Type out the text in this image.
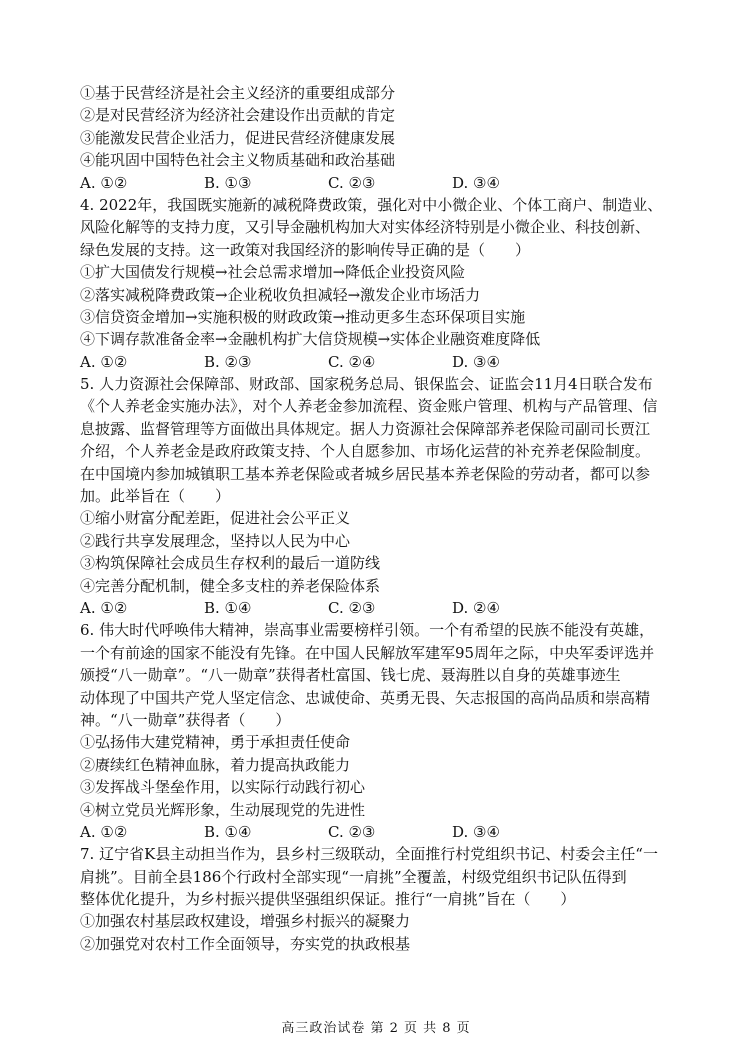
①基于民营经济是社会主义经济的重要组成部分
②是对民营经济为经济社会建设作出贡献的肯定
③能激发民营企业活力，促进民营经济健康发展
④能巩固中国特色社会主义物质基础和政治基础
A. ①②	B. ①③	C. ②③	D. ③④
4. 2022年，我国既实施新的减税降费政策，强化对中小微企业、个体工商户、制造业、
风险化解等的支持力度，又引导金融机构加大对实体经济特别是小微企业、科技创新、
绿色发展的支持。这一政策对我国经济的影响传导正确的是（　　）
①扩大国债发行规模→社会总需求增加→降低企业投资风险
②落实减税降费政策→企业税收负担减轻→激发企业市场活力
③信贷资金增加→实施积极的财政政策→推动更多生态环保项目实施
④下调存款准备金率→金融机构扩大信贷规模→实体企业融资难度降低
A. ①②	B. ②③	C. ②④	D. ③④
5. 人力资源社会保障部、财政部、国家税务总局、银保监会、证监会11月4日联合发布
《个人养老金实施办法》，对个人养老金参加流程、资金账户管理、机构与产品管理、信
息披露、监督管理等方面做出具体规定。据人力资源社会保障部养老保险司副司长贾江
介绍，个人养老金是政府政策支持、个人自愿参加、市场化运营的补充养老保险制度。
在中国境内参加城镇职工基本养老保险或者城乡居民基本养老保险的劳动者，都可以参
加。此举旨在（　　）
①缩小财富分配差距，促进社会公平正义
②践行共享发展理念，坚持以人民为中心
③构筑保障社会成员生存权利的最后一道防线
④完善分配机制，健全多支柱的养老保险体系
A. ①②	B. ①④	C. ②③	D. ②④
6. 伟大时代呼唤伟大精神，崇高事业需要榜样引领。一个有希望的民族不能没有英雄，
一个有前途的国家不能没有先锋。在中国人民解放军建军95周年之际，中央军委评选并
颁授“八一勋章”。“八一勋章”获得者杜富国、钱七虎、聂海胜以自身的英雄事迹生
动体现了中国共产党人坚定信念、忠诚使命、英勇无畏、矢志报国的高尚品质和崇高精
神。“八一勋章”获得者（　　）
①弘扬伟大建党精神，勇于承担责任使命
②赓续红色精神血脉，着力提高执政能力
③发挥战斗堡垒作用，以实际行动践行初心
④树立党员光辉形象，生动展现党的先进性
A. ①②	B. ①④	C. ②③	D. ③④
7. 辽宁省K县主动担当作为，县乡村三级联动，全面推行村党组织书记、村委会主任“一
肩挑”。目前全县186个行政村全部实现“一肩挑”全覆盖，村级党组织书记队伍得到
整体优化提升，为乡村振兴提供坚强组织保证。推行“一肩挑”旨在（　　）
①加强农村基层政权建设，增强乡村振兴的凝聚力
②加强党对农村工作全面领导，夯实党的执政根基
高三政治试卷 第 2 页 共 8 页
